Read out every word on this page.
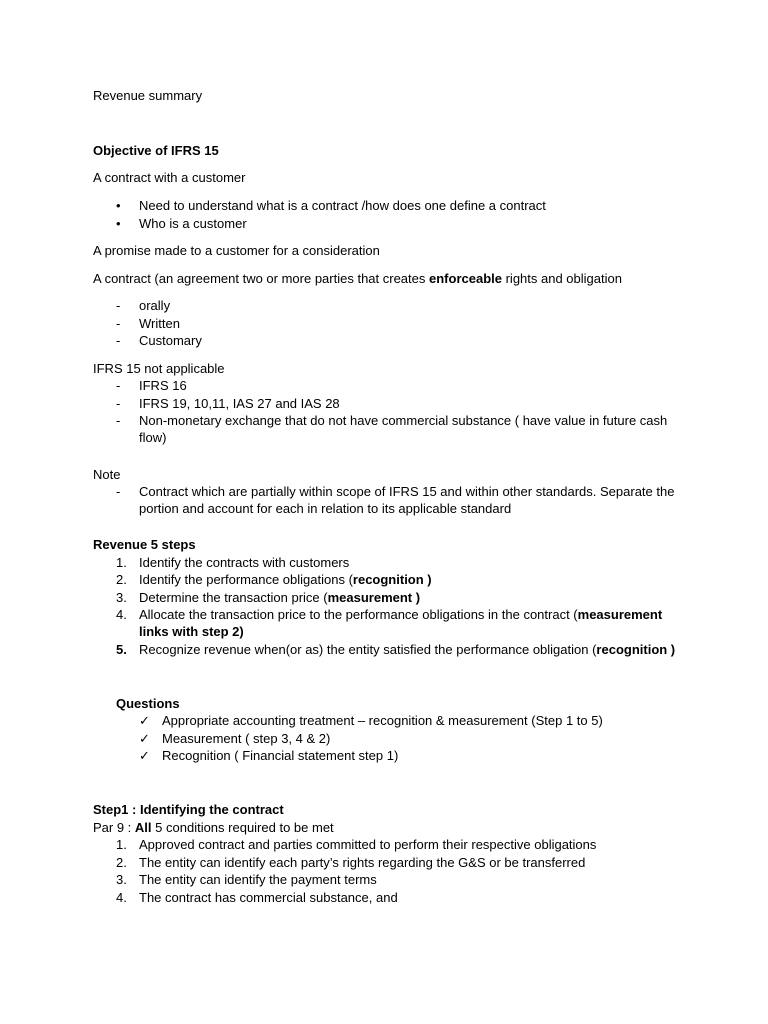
Revenue summary
Objective of IFRS 15
A contract with a customer
• Need to understand what is a contract /how does one define a contract
• Who is a customer
A promise made to a customer for a consideration
A contract (an agreement two or more parties that creates enforceable rights and obligation
- orally
- Written
- Customary
IFRS 15 not applicable
- IFRS 16
- IFRS 19, 10,11, IAS 27 and IAS 28
- Non-monetary exchange that do not have commercial substance ( have value in future cash flow)
Note
- Contract which are partially within scope of IFRS 15 and within other standards. Separate the portion and account for each in relation to its applicable standard
Revenue 5 steps
1. Identify the contracts with customers
2. Identify the performance obligations (recognition )
3. Determine the transaction price (measurement )
4. Allocate the transaction price to the performance obligations in the contract (measurement links with step 2)
5. Recognize revenue when(or as) the entity satisfied the performance obligation (recognition )
Questions
✓ Appropriate accounting treatment – recognition & measurement (Step 1 to 5)
✓ Measurement ( step 3, 4 & 2)
✓ Recognition ( Financial statement step 1)
Step1 : Identifying the contract
Par 9 : All 5 conditions required to be met
1. Approved contract and parties committed to perform their respective obligations
2. The entity can identify each party’s rights regarding the G&S or be transferred
3. The entity can identify the payment terms
4. The contract has commercial substance, and
